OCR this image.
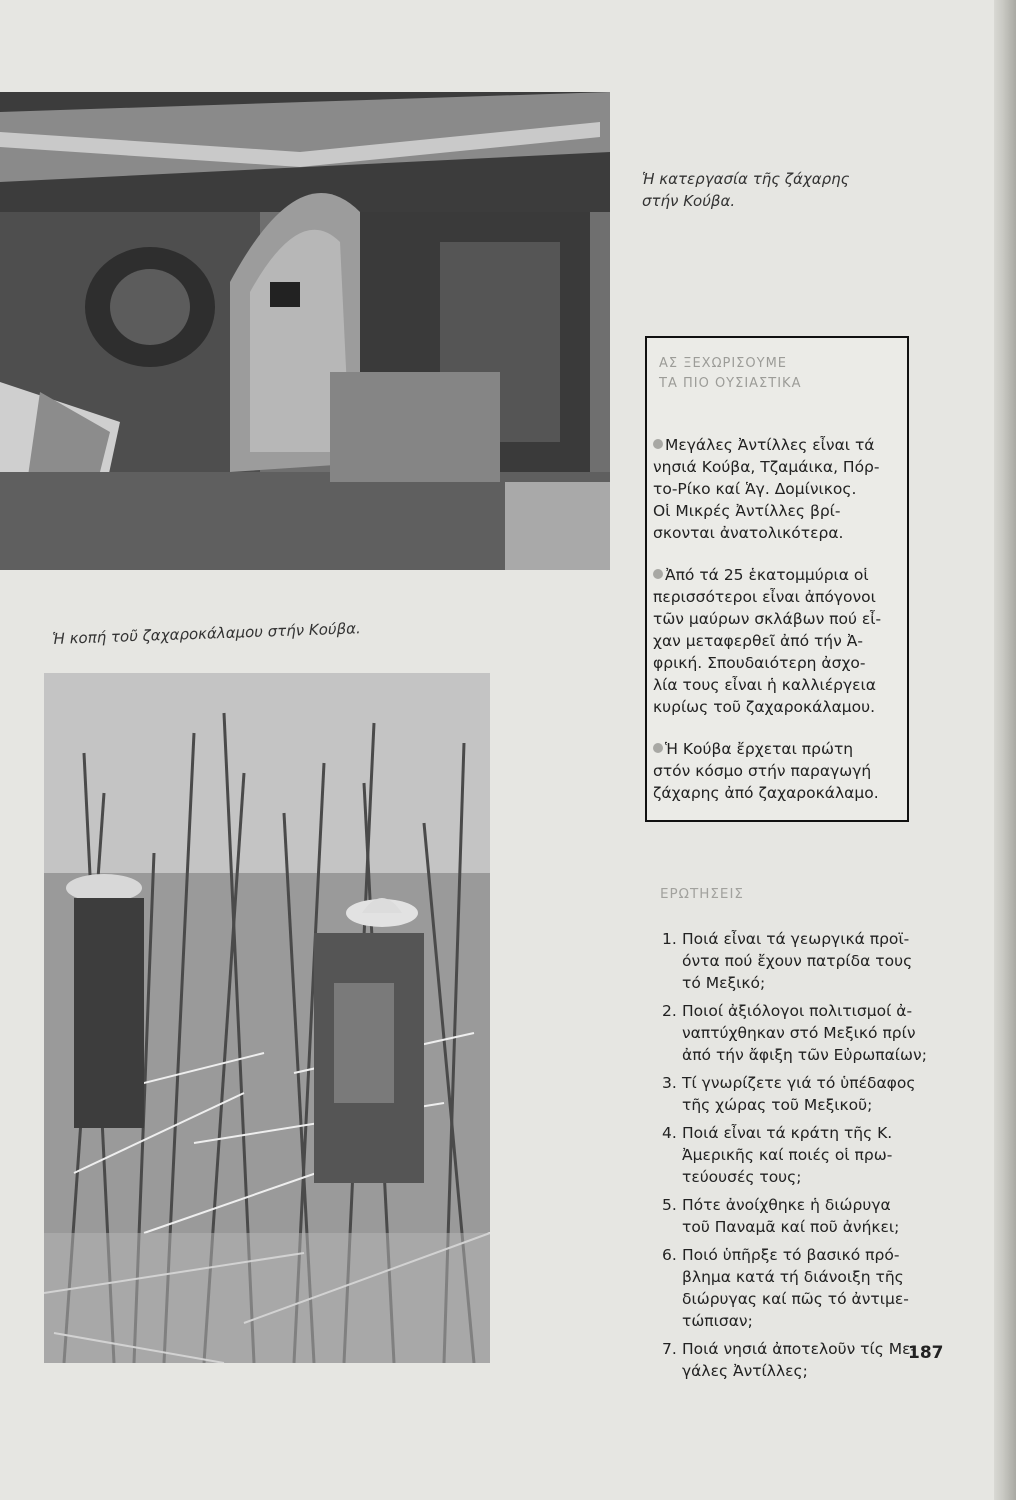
Ἡ κατεργασία τῆς ζάχαρης στήν Κούβα.
ΑΣ ΞΕΧΩΡΙΣΟΥΜΕ
ΤΑ ΠΙΟ ΟΥΣΙΑΣΤΙΚΑ
Μεγάλες Ἀντίλλες εἶναι τά
νησιά Κούβα, Τζαμάικα, Πόρ-
το-Ρίκο καί Ἁγ. Δομίνικος.
Οἱ Μικρές Ἀντίλλες βρί-
σκονται ἀνατολικότερα.
Ἀπό τά 25 ἑκατομμύρια οἱ
περισσότεροι εἶναι ἀπόγονοι
τῶν μαύρων σκλάβων πού εἶ-
χαν μεταφερθεῖ ἀπό τήν Ἀ-
φρική. Σπουδαιότερη ἀσχο-
λία τους εἶναι ἡ καλλιέργεια
κυρίως τοῦ ζαχαροκάλαμου.
Ἡ Κούβα ἔρχεται πρώτη
στόν κόσμο στήν παραγωγή
ζάχαρης ἀπό ζαχαροκάλαμο.
Ἡ κοπή τοῦ ζαχαροκάλαμου στήν Κούβα.
ΕΡΩΤΗΣΕΙΣ
1. Ποιά εἶναι τά γεωργικά προϊ-
όντα πού ἔχουν πατρίδα τους
τό Μεξικό;
2. Ποιοί ἀξιόλογοι πολιτισμοί ἀ-
ναπτύχθηκαν στό Μεξικό πρίν
ἀπό τήν ἄφιξη τῶν Εὐρωπαίων;
3. Τί γνωρίζετε γιά τό ὑπέδαφος
τῆς χώρας τοῦ Μεξικοῦ;
4. Ποιά εἶναι τά κράτη τῆς Κ.
Ἀμερικῆς καί ποιές οἱ πρω-
τεύουσές τους;
5. Πότε ἀνοίχθηκε ἡ διώρυγα
τοῦ Παναμᾶ καί ποῦ ἀνήκει;
6. Ποιό ὑπῆρξε τό βασικό πρό-
βλημα κατά τή διάνοιξη τῆς
διώρυγας καί πῶς τό ἀντιμε-
τώπισαν;
7. Ποιά νησιά ἀποτελοῦν τίς Με-
γάλες Ἀντίλλες;
187
